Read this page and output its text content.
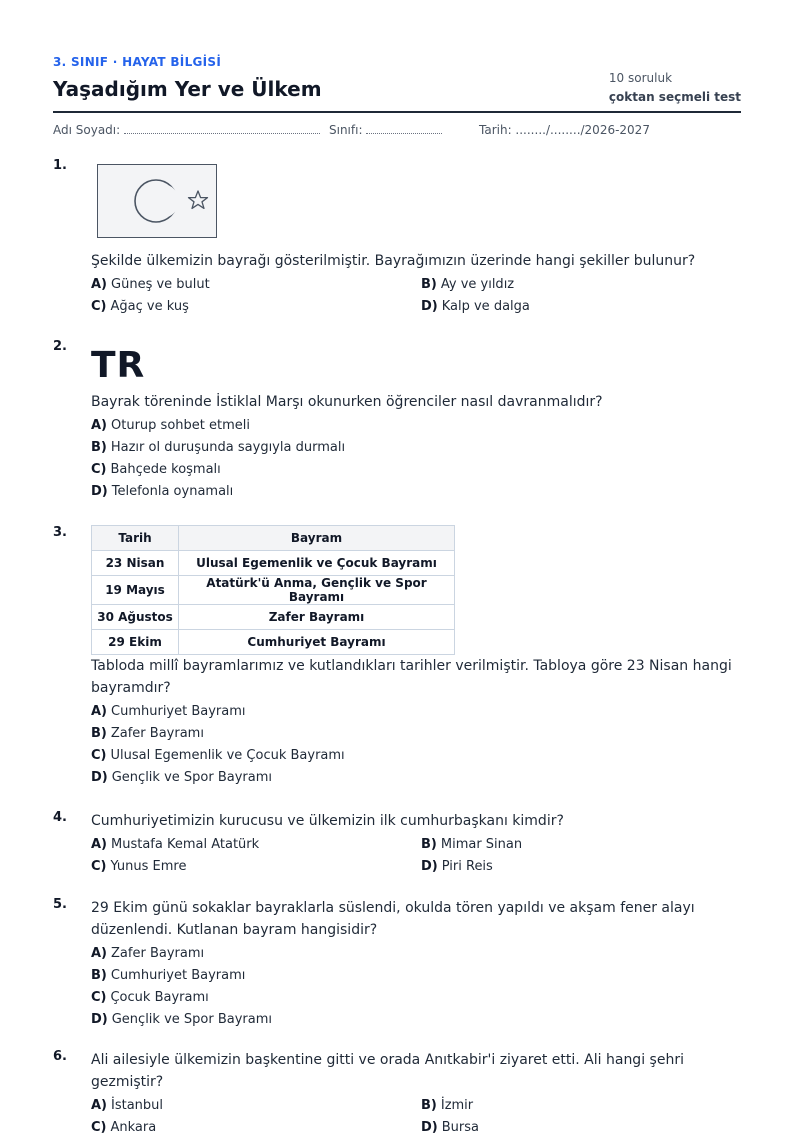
3. SINIF · HAYAT BİLGİSİ
Yaşadığım Yer ve Ülkem	10 soruluk
çoktan seçmeli test
Adı Soyadı:	Sınıfı:	Tarih: ......../......../2026-2027
1.
Şekilde ülkemizin bayrağı gösterilmiştir. Bayrağımızın üzerinde hangi şekiller bulunur?
A) Güneş ve bulut	B) Ay ve yıldız
C) Ağaç ve kuş	D) Kalp ve dalga
2. TR
Bayrak töreninde İstiklal Marşı okunurken öğrenciler nasıl davranmalıdır?
A) Oturup sohbet etmeli
B) Hazır ol duruşunda saygıyla durmalı
C) Bahçede koşmalı
D) Telefonla oynamalı
3.	Tarih	Bayram
23 Nisan	Ulusal Egemenlik ve Çocuk Bayramı
19 Mayıs	Atatürk'ü Anma, Gençlik ve Spor Bayramı
30 Ağustos	Zafer Bayramı
29 Ekim	Cumhuriyet Bayramı
Tabloda millî bayramlarımız ve kutlandıkları tarihler verilmiştir. Tabloya göre 23 Nisan hangi bayramdır?
A) Cumhuriyet Bayramı
B) Zafer Bayramı
C) Ulusal Egemenlik ve Çocuk Bayramı
D) Gençlik ve Spor Bayramı
4. Cumhuriyetimizin kurucusu ve ülkemizin ilk cumhurbaşkanı kimdir?
A) Mustafa Kemal Atatürk	B) Mimar Sinan
C) Yunus Emre	D) Piri Reis
5. 29 Ekim günü sokaklar bayraklarla süslendi, okulda tören yapıldı ve akşam fener alayı düzenlendi. Kutlanan bayram hangisidir?
A) Zafer Bayramı
B) Cumhuriyet Bayramı
C) Çocuk Bayramı
D) Gençlik ve Spor Bayramı
6. Ali ailesiyle ülkemizin başkentine gitti ve orada Anıtkabir'i ziyaret etti. Ali hangi şehri gezmiştir?
A) İstanbul	B) İzmir
C) Ankara	D) Bursa
